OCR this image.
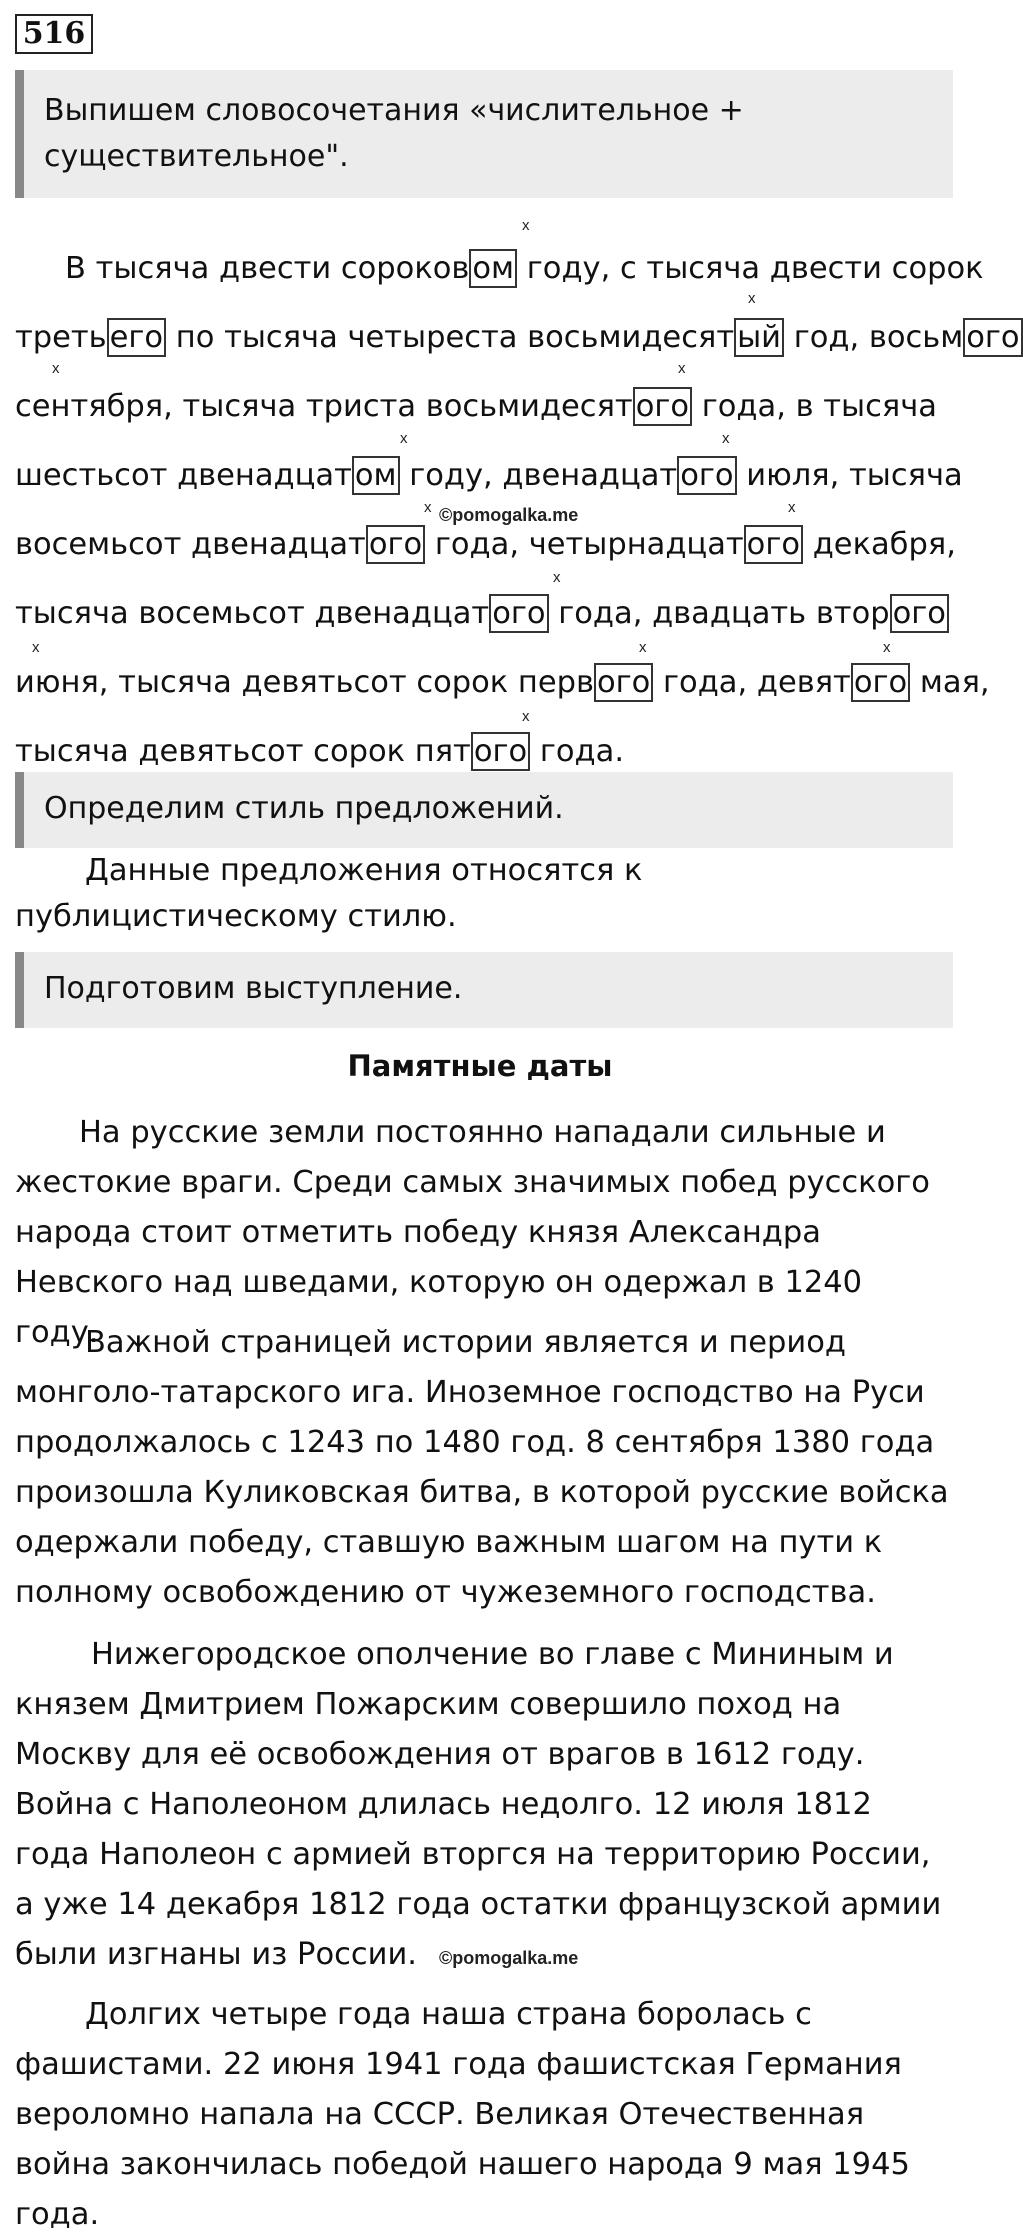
516
Выпишем словосочетания «числительное + существительное".
В тысяча двести сороковом году, с тысяча двести сорок
третьего по тысяча четыреста восьмидесятый год, восьмого
сентября, тысяча триста восьмидесятого года, в тысяча
шестьсот двенадцатом году, двенадцатого июля, тысяча
восемьсот двенадцатого года, четырнадцатого декабря,
тысяча восемьсот двенадцатого года, двадцать второго
июня, тысяча девятьсот сорок первого года, девятого мая,
тысяча девятьсот сорок пятого года.
x
x
x	x
x	x
x	x
x
x	x	x
x
©pomogalka.me
Определим стиль предложений.
Данные предложения относятся к публицистическому стилю.
Подготовим выступление.
Памятные даты
На русские земли постоянно нападали сильные и жестокие враги. Среди самых значимых побед русского народа стоит отметить победу князя Александра Невского над шведами, которую он одержал в 1240 году.
Важной страницей истории является и период монголо-татарского ига. Иноземное господство на Руси продолжалось с 1243 по 1480 год. 8 сентября 1380 года произошла Куликовская битва, в которой русские войска одержали победу, ставшую важным шагом на пути к полному освобождению от чужеземного господства.
Нижегородское ополчение во главе с Мининым и князем Дмитрием Пожарским совершило поход на Москву для её освобождения от врагов в 1612 году. Война с Наполеоном длилась недолго. 12 июля 1812 года Наполеон с армией вторгся на территорию России, а уже 14 декабря 1812 года остатки французской армии были изгнаны из России.	©pomogalka.me
Долгих четыре года наша страна боролась с фашистами. 22 июня 1941 года фашистская Германия вероломно напала на СССР. Великая Отечественная война закончилась победой нашего народа 9 мая 1945 года.
